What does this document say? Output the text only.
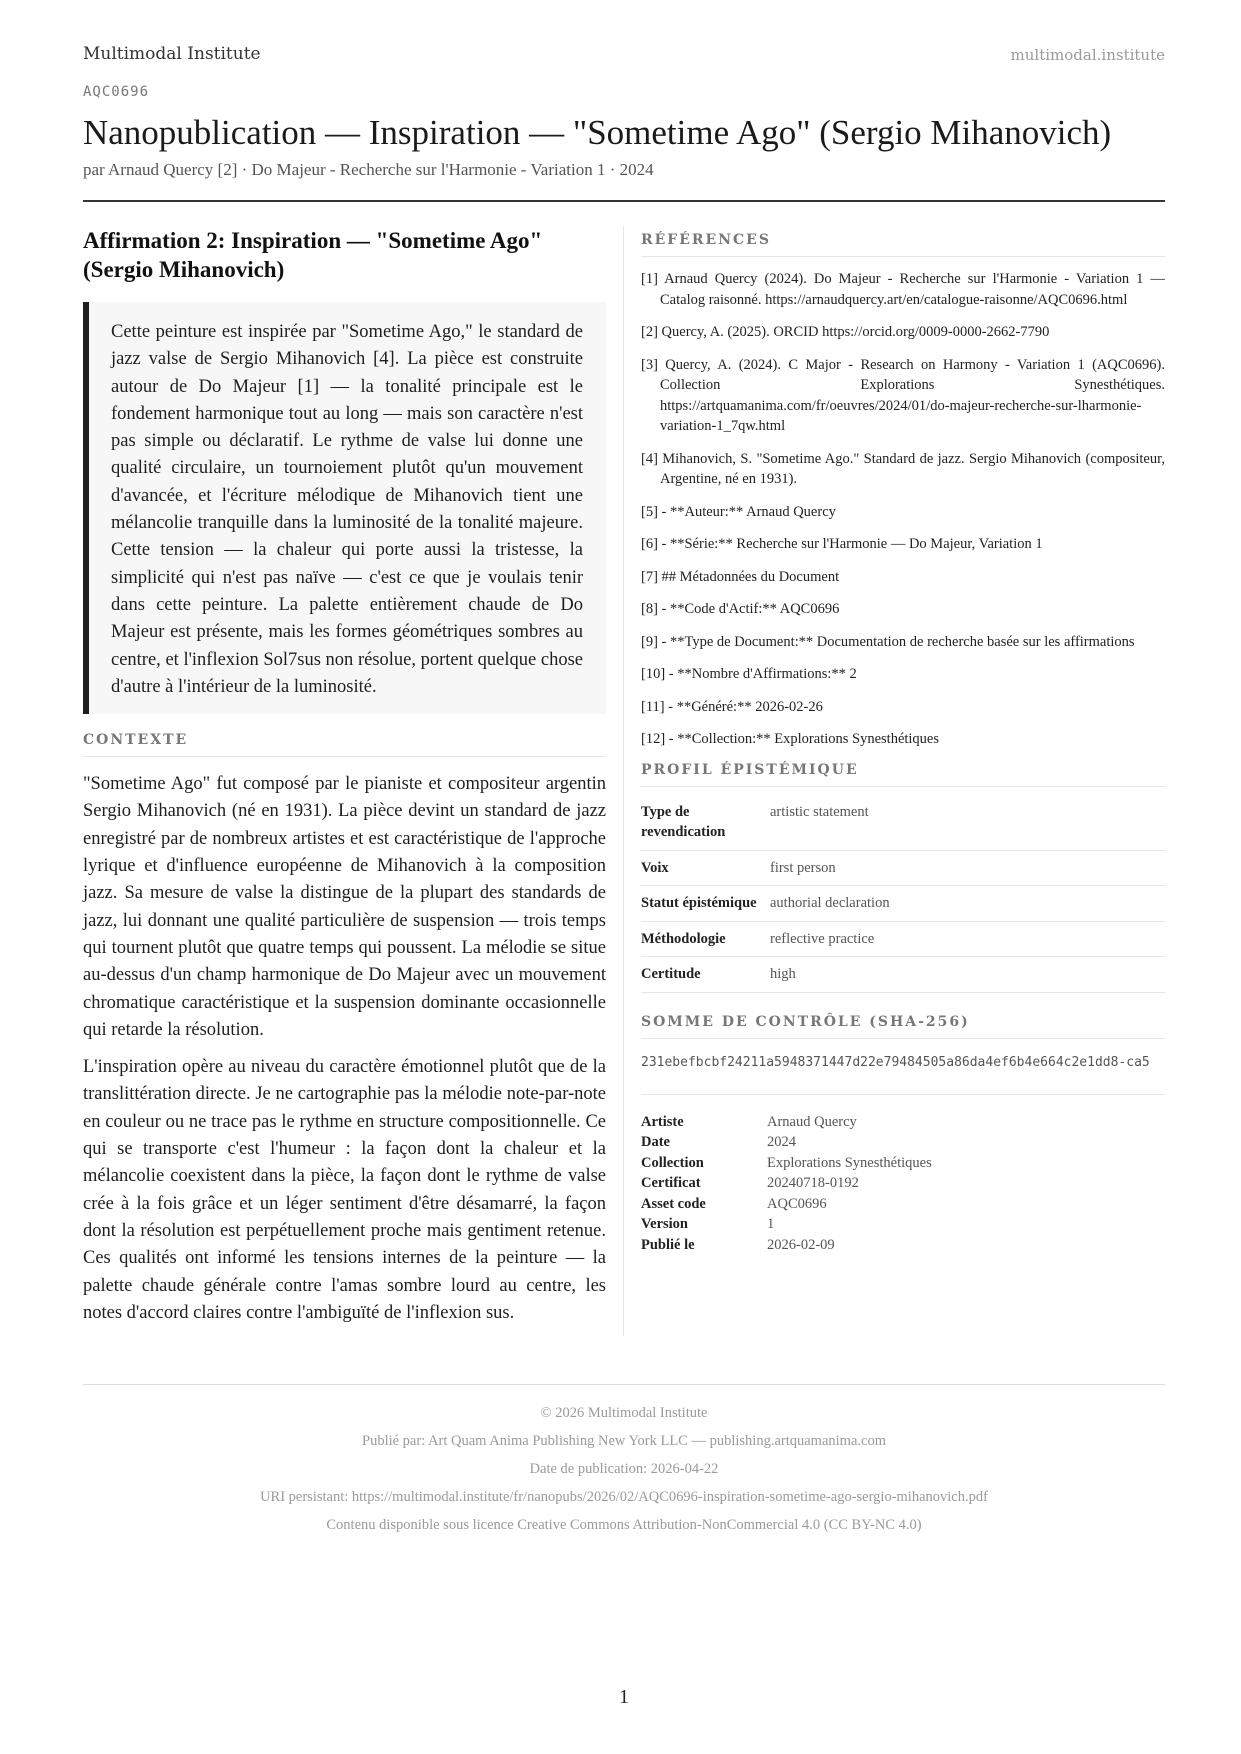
Multimodal Institute	multimodal.institute
AQC0696
Nanopublication — Inspiration — "Sometime Ago" (Sergio Mihanovich)
par Arnaud Quercy [2] · Do Majeur - Recherche sur l'Harmonie - Variation 1 · 2024
Affirmation 2: Inspiration — "Sometime Ago" (Sergio Mihanovich)

Cette peinture est inspirée par "Sometime Ago," le standard de jazz valse de Sergio Mihanovich [4]. La pièce est construite autour de Do Majeur [1] — la tonalité principale est le fondement harmonique tout au long — mais son caractère n'est pas simple ou déclaratif. Le rythme de valse lui donne une qualité circulaire, un tournoiement plutôt qu'un mouvement d'avancée, et l'écriture mélodique de Mihanovich tient une mélancolie tranquille dans la luminosité de la tonalité majeure. Cette tension — la chaleur qui porte aussi la tristesse, la simplicité qui n'est pas naïve — c'est ce que je voulais tenir dans cette peinture. La palette entièrement chaude de Do Majeur est présente, mais les formes géométriques sombres au centre, et l'inflexion Sol7sus non résolue, portent quelque chose d'autre à l'intérieur de la luminosité.

CONTEXTE

"Sometime Ago" fut composé par le pianiste et compositeur argentin Sergio Mihanovich (né en 1931). La pièce devint un standard de jazz enregistré par de nombreux artistes et est caractéristique de l'approche lyrique et d'influence européenne de Mihanovich à la composition jazz. Sa mesure de valse la distingue de la plupart des standards de jazz, lui donnant une qualité particulière de suspension — trois temps qui tournent plutôt que quatre temps qui poussent. La mélodie se situe au-dessus d'un champ harmonique de Do Majeur avec un mouvement chromatique caractéristique et la suspension dominante occasionnelle qui retarde la résolution.

L'inspiration opère au niveau du caractère émotionnel plutôt que de la translittération directe. Je ne cartographie pas la mélodie note-par-note en couleur ou ne trace pas le rythme en structure compositionnelle. Ce qui se transporte c'est l'humeur : la façon dont la chaleur et la mélancolie coexistent dans la pièce, la façon dont le rythme de valse crée à la fois grâce et un léger sentiment d'être désamarré, la façon dont la résolution est perpétuellement proche mais gentiment retenue. Ces qualités ont informé les tensions internes de la peinture — la palette chaude générale contre l'amas sombre lourd au centre, les notes d'accord claires contre l'ambiguïté de l'inflexion sus.

RÉFÉRENCES
[1] Arnaud Quercy (2024). Do Majeur - Recherche sur l'Harmonie - Variation 1 — Catalog raisonné. https://arnaudquercy.art/en/catalogue-raisonne/AQC0696.html
[2] Quercy, A. (2025). ORCID https://orcid.org/0009-0000-2662-7790
[3] Quercy, A. (2024). C Major - Research on Harmony - Variation 1 (AQC0696). Collection Explorations Synesthétiques. https://artquamanima.com/fr/oeuvres/2024/01/do-majeur-recherche-sur-lharmonie-variation-1_7qw.html
[4] Mihanovich, S. "Sometime Ago." Standard de jazz. Sergio Mihanovich (compositeur, Argentine, né en 1931).
[5] - **Auteur:** Arnaud Quercy
[6] - **Série:** Recherche sur l'Harmonie — Do Majeur, Variation 1
[7] ## Métadonnées du Document
[8] - **Code d'Actif:** AQC0696
[9] - **Type de Document:** Documentation de recherche basée sur les affirmations
[10] - **Nombre d'Affirmations:** 2
[11] - **Généré:** 2026-02-26
[12] - **Collection:** Explorations Synesthétiques
PROFIL ÉPISTÉMIQUE
Type de revendication	artistic statement
Voix	first person
Statut épistémique	authorial declaration
Méthodologie	reflective practice
Certitude	high
SOMME DE CONTRÔLE (SHA-256)
231ebefbcbf24211a5948371447d22e79484505a86da4ef6b4e664c2e1dd8-ca5
Artiste	Arnaud Quercy
Date	2024
Collection	Explorations Synesthétiques
Certificat	20240718-0192
Asset code	AQC0696
Version	1
Publié le	2026-02-09
© 2026 Multimodal Institute
Publié par: Art Quam Anima Publishing New York LLC — publishing.artquamanima.com
Date de publication: 2026-04-22
URI persistant: https://multimodal.institute/fr/nanopubs/2026/02/AQC0696-inspiration-sometime-ago-sergio-mihanovich.pdf
Contenu disponible sous licence Creative Commons Attribution-NonCommercial 4.0 (CC BY-NC 4.0)
1
